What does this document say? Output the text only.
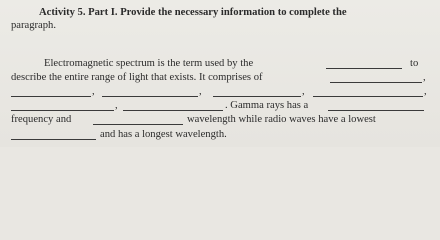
Activity 5. Part I. Provide the necessary information to complete the
paragraph.
Electromagnetic spectrum is the term used by the	to
describe the entire range of light that exists. It comprises of	,
,	,	,	,
,	. Gamma rays has a
frequency and	wavelength while radio waves have a lowest
and has a longest wavelength.
